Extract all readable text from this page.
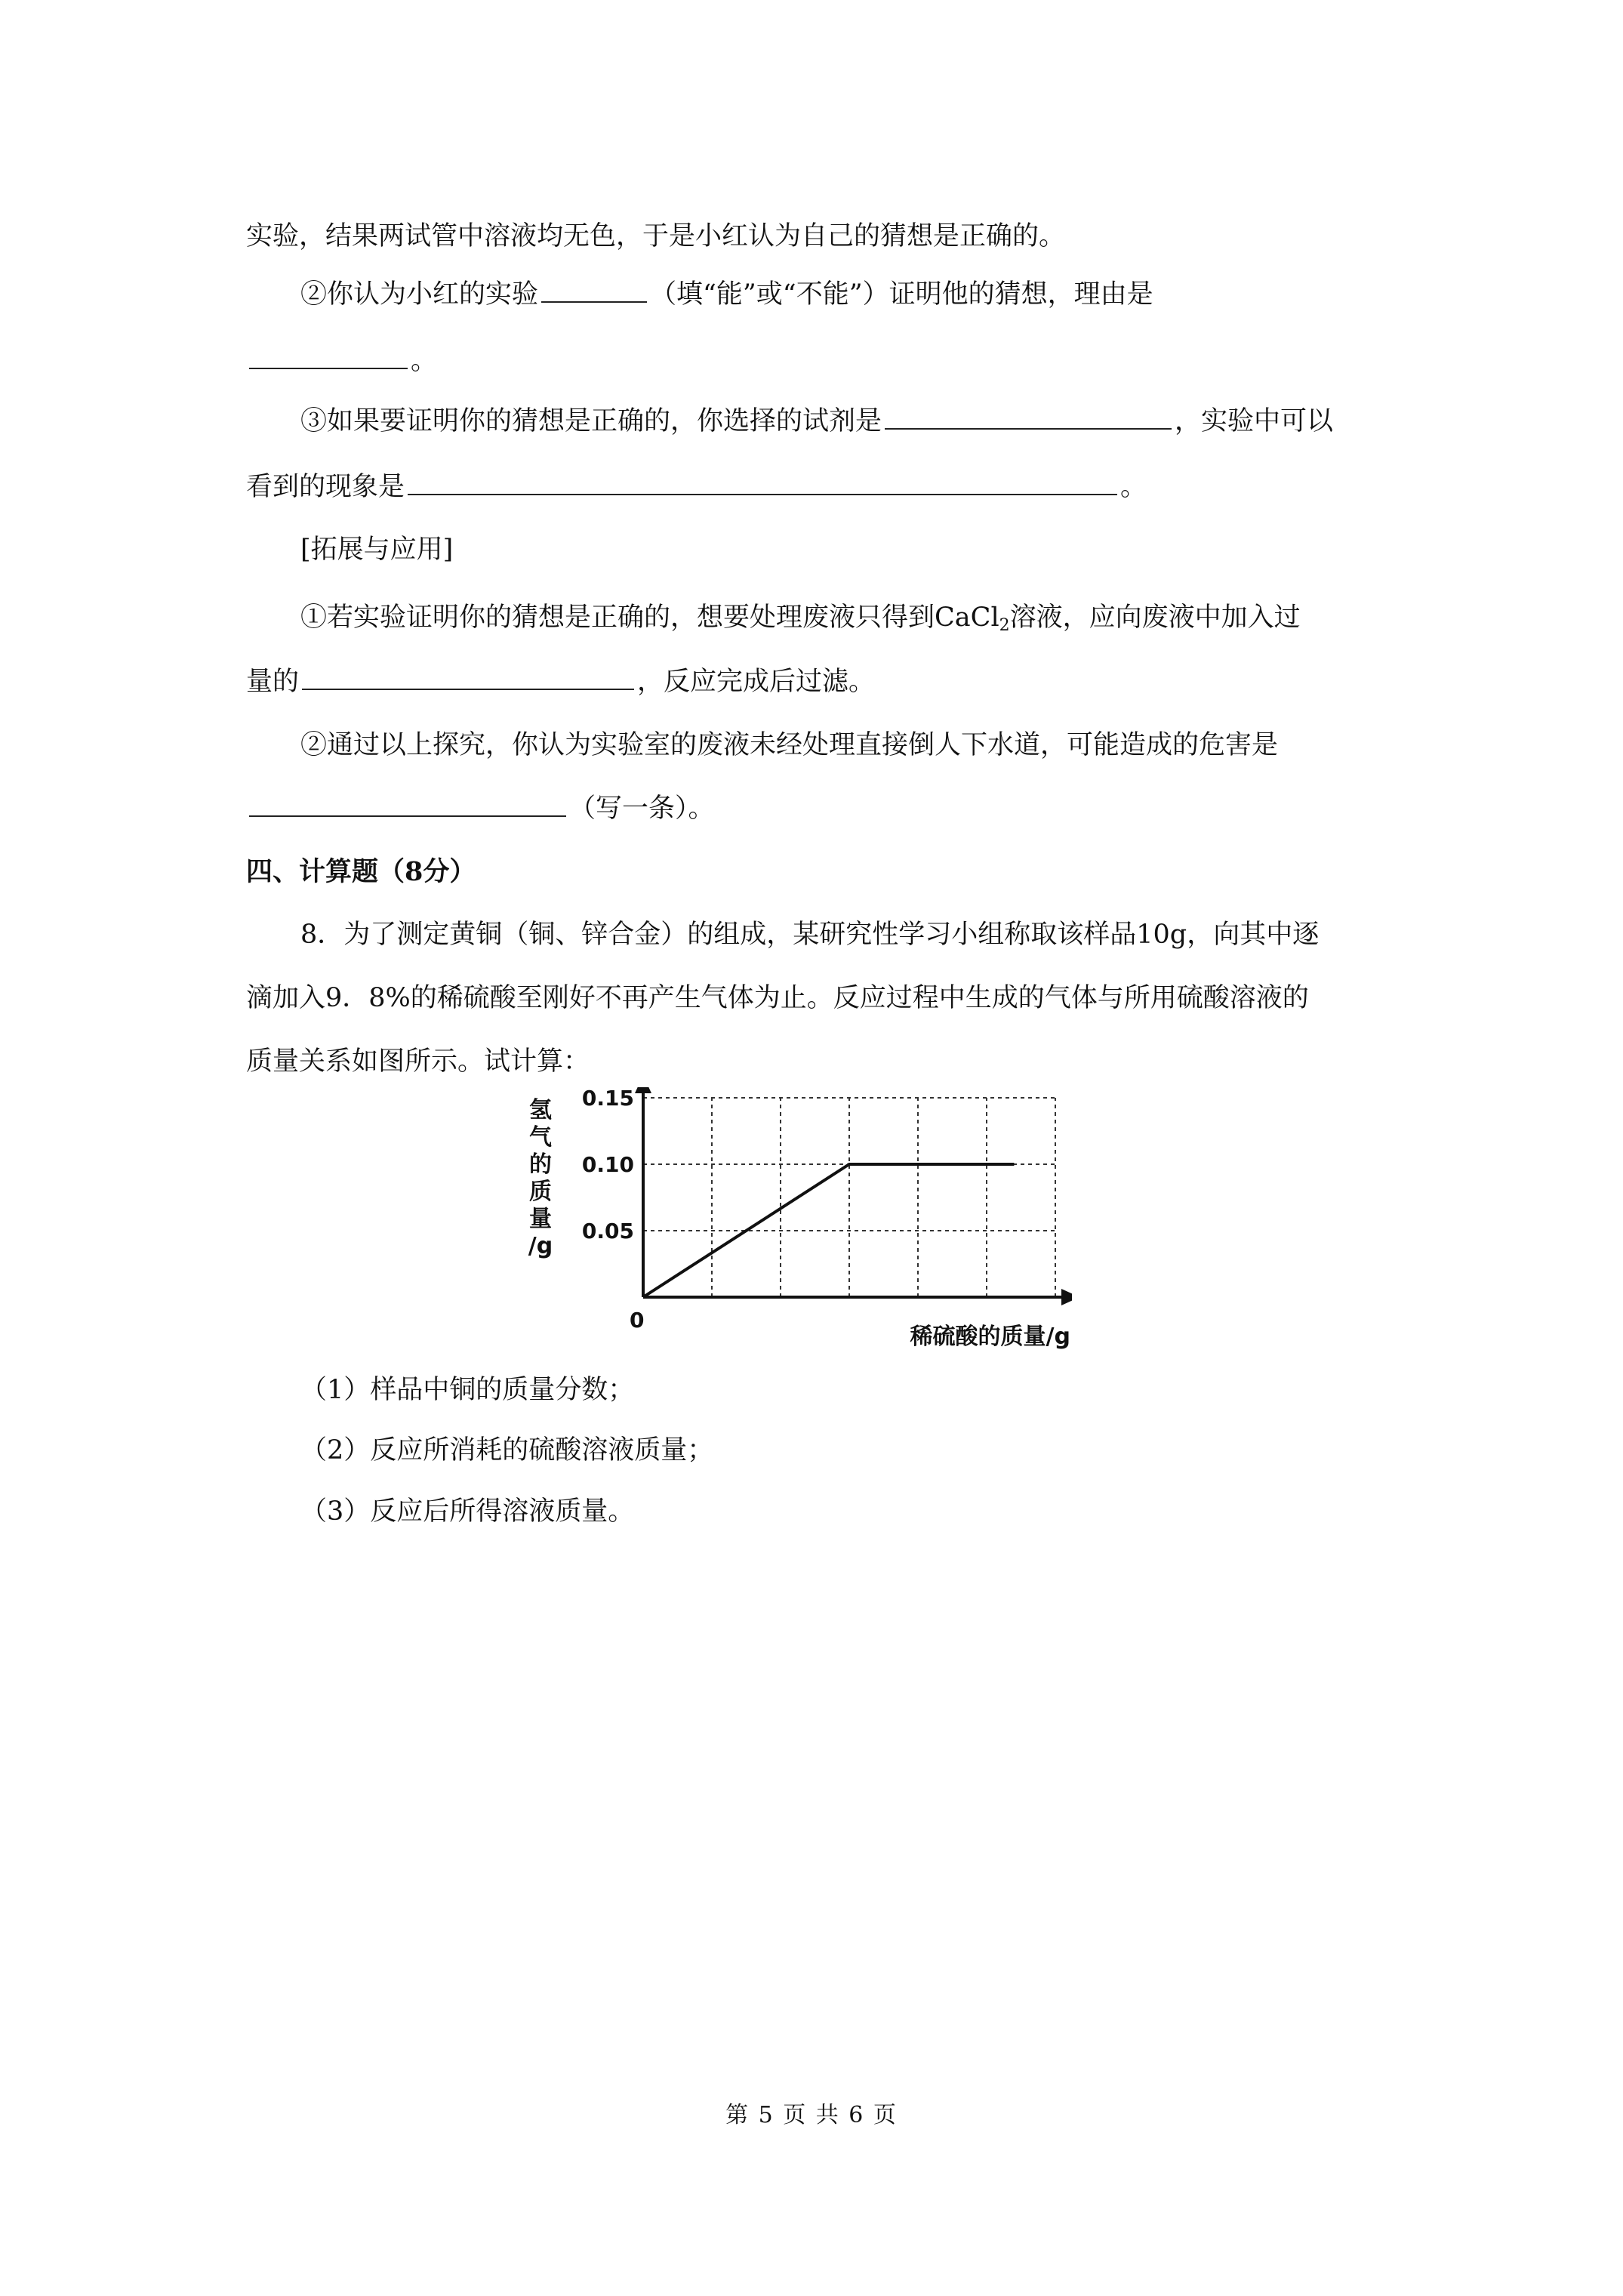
实验，结果两试管中溶液均无色，于是小红认为自己的猜想是正确的。
②你认为小红的实验	（填“能”或“不能”）证明他的猜想，理由是
。
③如果要证明你的猜想是正确的，你选择的试剂是	，实验中可以
看到的现象是	。
[拓展与应用]
①若实验证明你的猜想是正确的，想要处理废液只得到CaCl$_2$溶液，应向废液中加入过
量的	，反应完成后过滤。
②通过以上探究，你认为实验室的废液未经处理直接倒人下水道，可能造成的危害是
（写一条）。
四、计算题（8分）
8．为了测定黄铜（铜、锌合金）的组成，某研究性学习小组称取该样品10g，向其中逐
滴加入9．8%的稀硫酸至刚好不再产生气体为止。反应过程中生成的气体与所用硫酸溶液的
质量关系如图所示。试计算：
氢
气
的
质
量
/g
0.05
0.10
0.15
0
稀硫酸的质量/g
（1）样品中铜的质量分数；
（2）反应所消耗的硫酸溶液质量；
（3）反应后所得溶液质量。
第 5 页 共 6 页
